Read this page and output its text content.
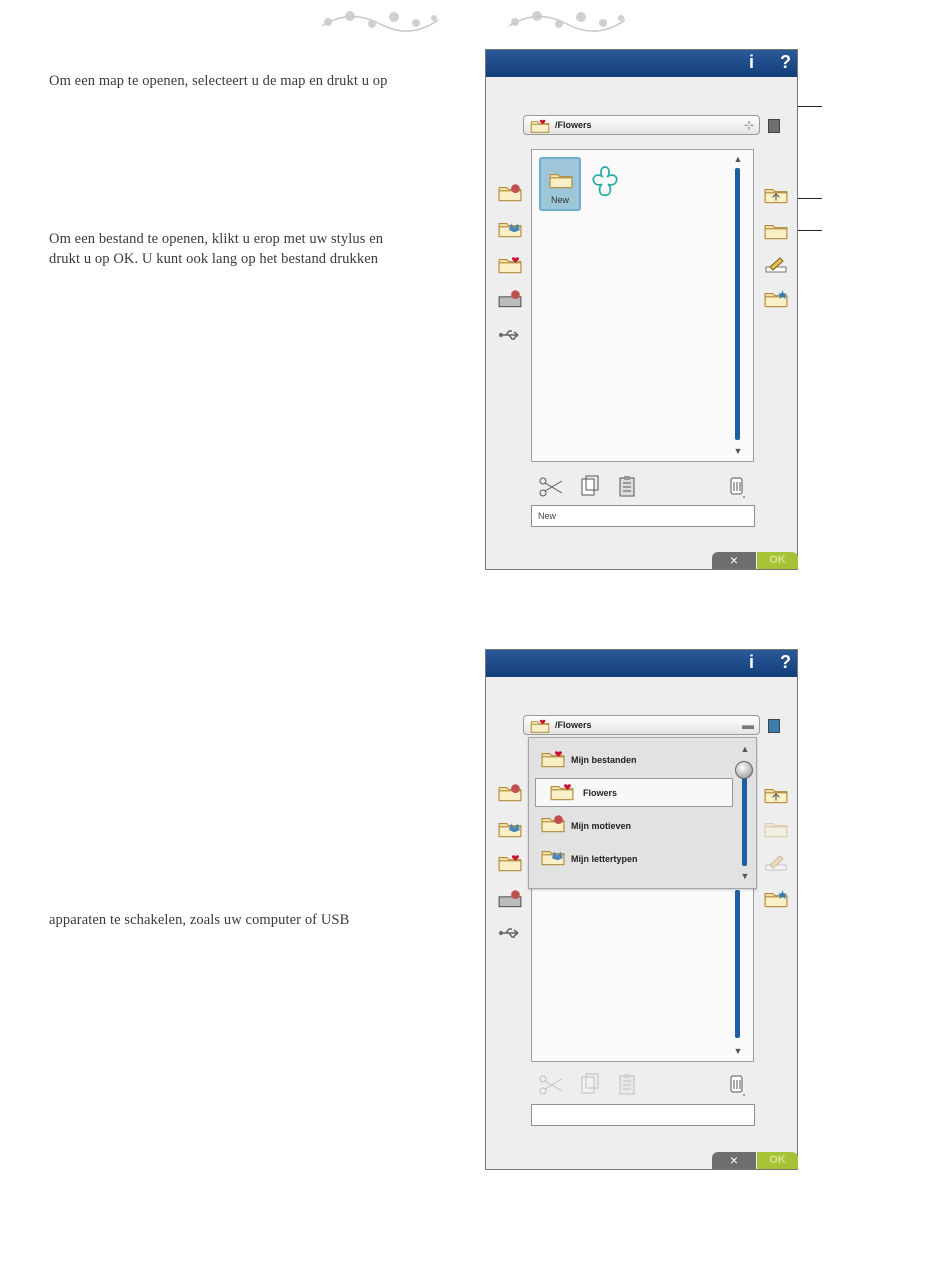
Om een map te openen, selecteert u de map en drukt u op
Om een bestand te openen, klikt u erop met uw stylus en
drukt u op OK. U kunt ook lang op het bestand drukken
apparaten te schakelen, zoals uw computer of USB
i ?
/Flowers	⊹
New
▲
▼
New
×	OK
i ?
/Flowers	▬
▼
Mijn bestanden
Flowers
Mijn motieven
Mijn lettertypen
▲
▼
×	OK
